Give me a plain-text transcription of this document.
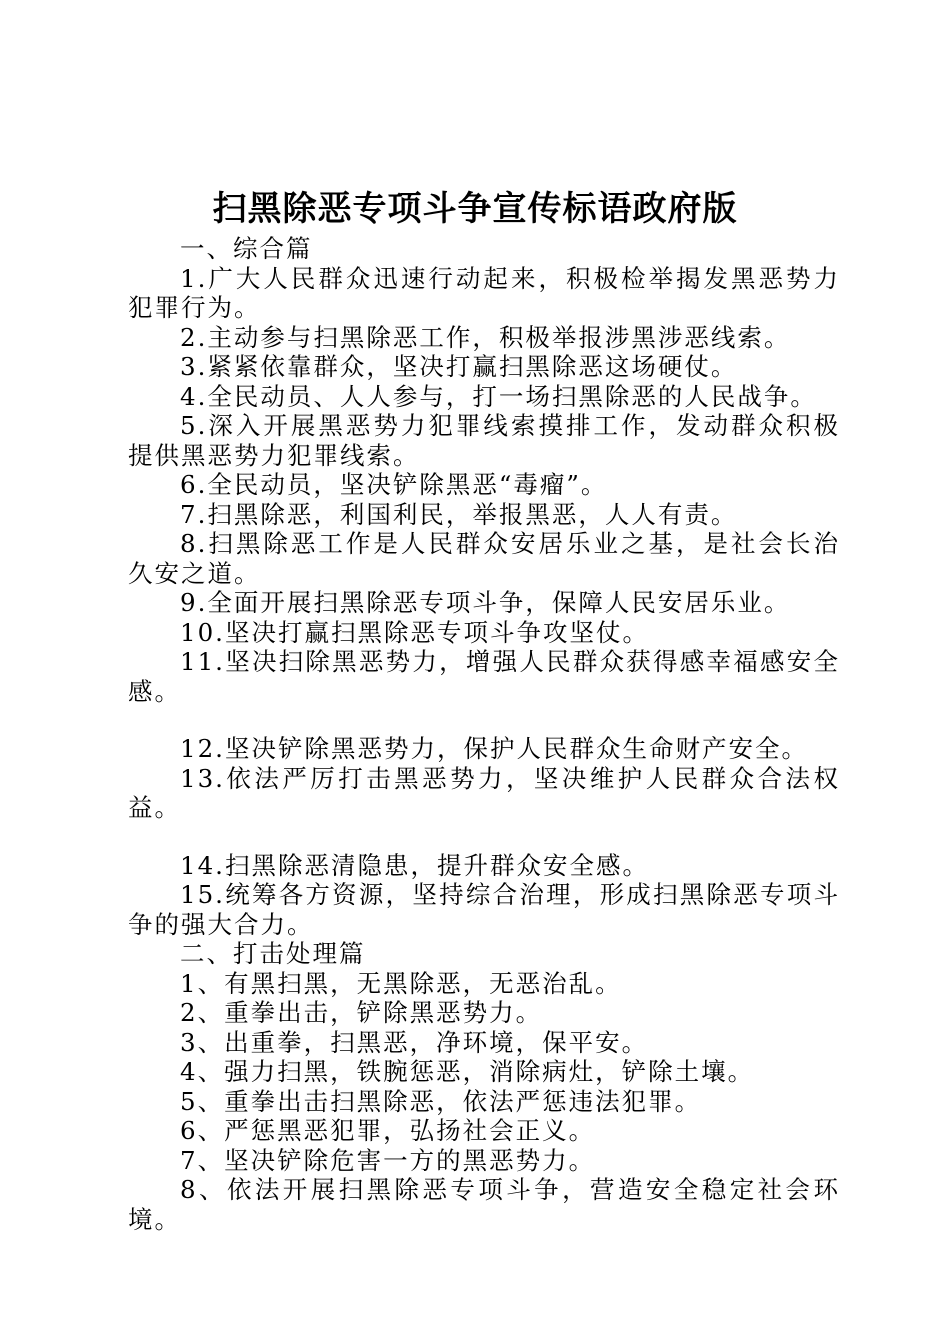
扫黑除恶专项斗争宣传标语政府版

一、综合篇

1.广大人民群众迅速行动起来，积极检举揭发黑恶势力犯罪行为。

2.主动参与扫黑除恶工作，积极举报涉黑涉恶线索。

3.紧紧依靠群众，坚决打赢扫黑除恶这场硬仗。

4.全民动员、人人参与，打一场扫黑除恶的人民战争。

5.深入开展黑恶势力犯罪线索摸排工作，发动群众积极提供黑恶势力犯罪线索。

6.全民动员，坚决铲除黑恶“毒瘤”。

7.扫黑除恶，利国利民，举报黑恶，人人有责。

8.扫黑除恶工作是人民群众安居乐业之基，是社会长治久安之道。

9.全面开展扫黑除恶专项斗争，保障人民安居乐业。

10.坚决打赢扫黑除恶专项斗争攻坚仗。

11.坚决扫除黑恶势力，增强人民群众获得感幸福感安全感。

12.坚决铲除黑恶势力，保护人民群众生命财产安全。

13.依法严厉打击黑恶势力，坚决维护人民群众合法权益。

14.扫黑除恶清隐患，提升群众安全感。

15.统筹各方资源，坚持综合治理，形成扫黑除恶专项斗争的强大合力。

二、打击处理篇

1、有黑扫黑，无黑除恶，无恶治乱。

2、重拳出击，铲除黑恶势力。

3、出重拳，扫黑恶，净环境，保平安。

4、强力扫黑，铁腕惩恶，消除病灶，铲除土壤。

5、重拳出击扫黑除恶，依法严惩违法犯罪。

6、严惩黑恶犯罪，弘扬社会正义。

7、坚决铲除危害一方的黑恶势力。

8、依法开展扫黑除恶专项斗争，营造安全稳定社会环境。
